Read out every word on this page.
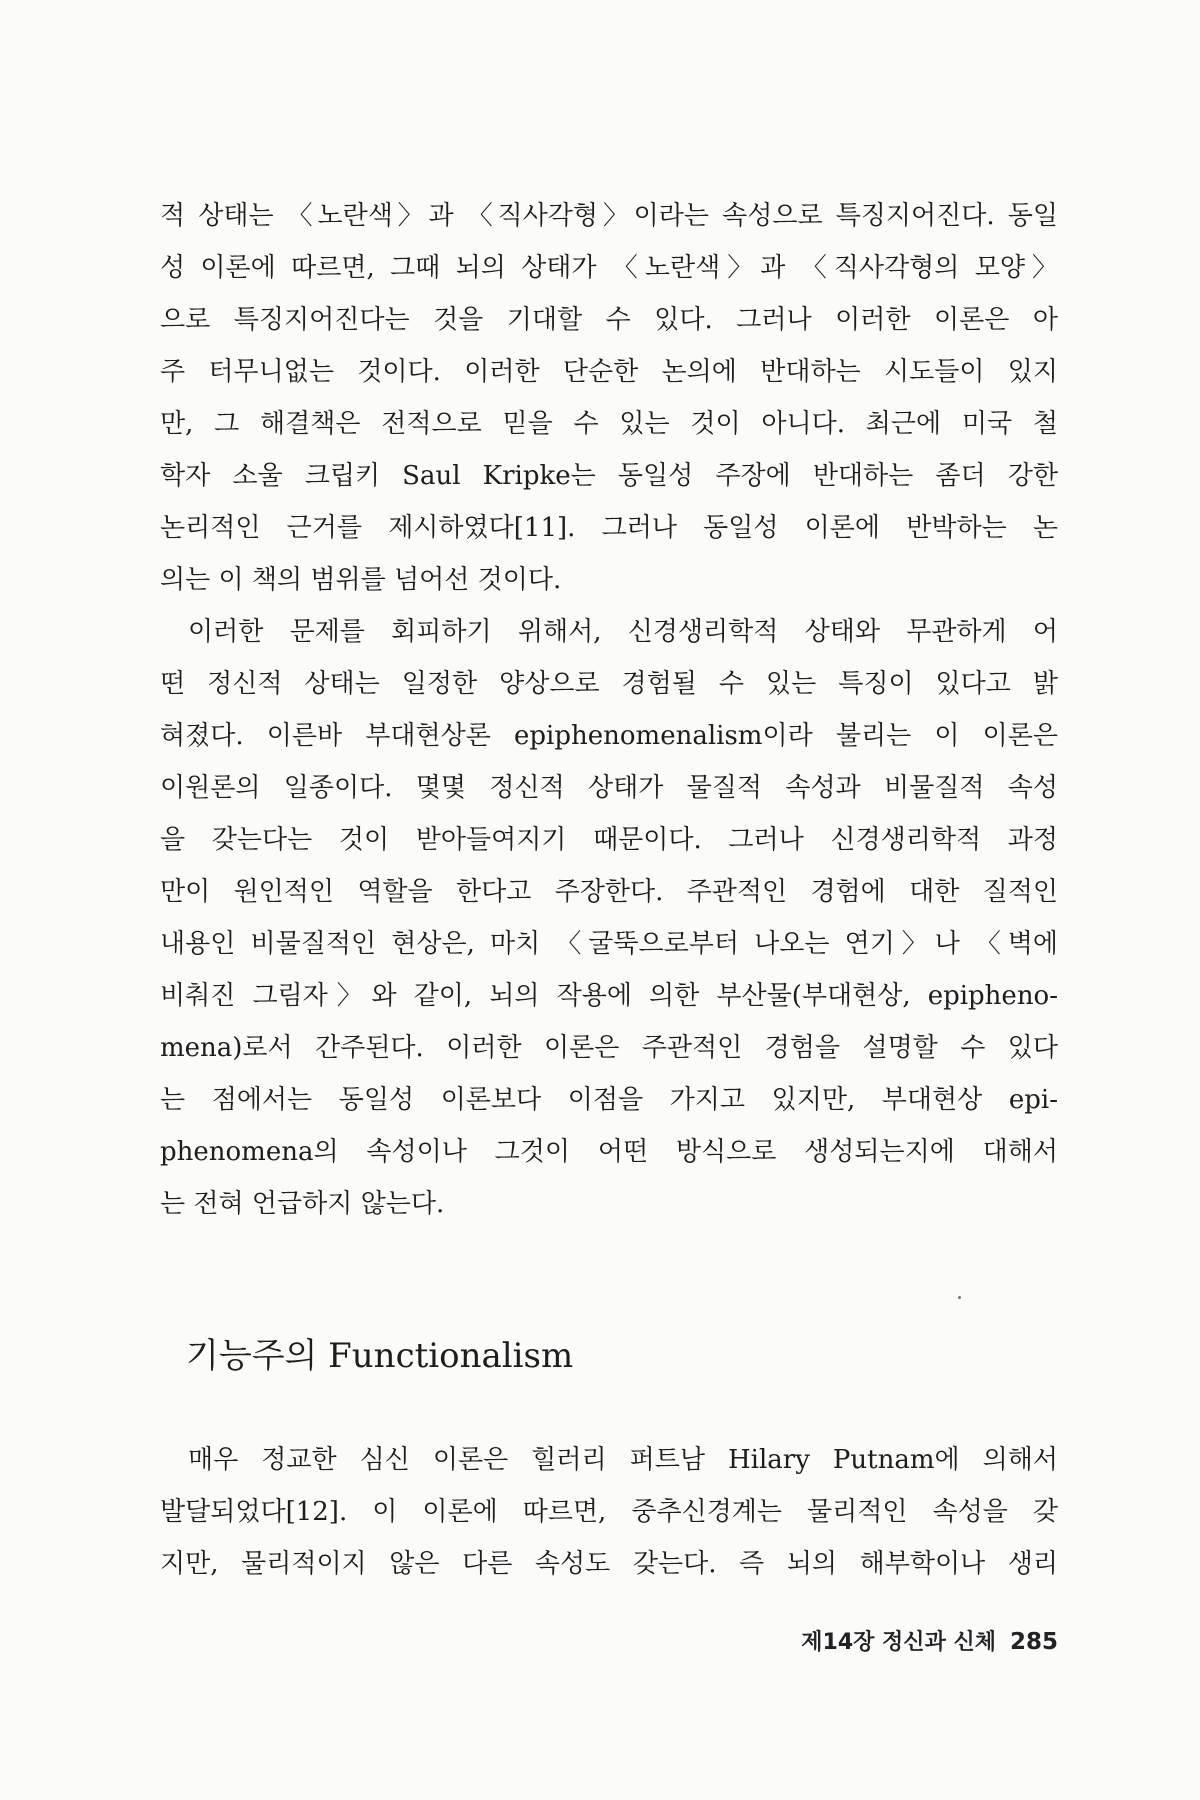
적 상태는 〈노란색〉과 〈직사각형〉이라는 속성으로 특징지어진다. 동일
성 이론에 따르면, 그때 뇌의 상태가 〈노란색〉과 〈직사각형의 모양〉
으로 특징지어진다는 것을 기대할 수 있다. 그러나 이러한 이론은 아
주 터무니없는 것이다. 이러한 단순한 논의에 반대하는 시도들이 있지
만, 그 해결책은 전적으로 믿을 수 있는 것이 아니다. 최근에 미국 철
학자 소울 크립키 Saul Kripke는 동일성 주장에 반대하는 좀더 강한
논리적인 근거를 제시하였다[11]. 그러나 동일성 이론에 반박하는 논
의는 이 책의 범위를 넘어선 것이다.
이러한 문제를 회피하기 위해서, 신경생리학적 상태와 무관하게 어
떤 정신적 상태는 일정한 양상으로 경험될 수 있는 특징이 있다고 밝
혀졌다. 이른바 부대현상론 epiphenomenalism이라 불리는 이 이론은
이원론의 일종이다. 몇몇 정신적 상태가 물질적 속성과 비물질적 속성
을 갖는다는 것이 받아들여지기 때문이다. 그러나 신경생리학적 과정
만이 원인적인 역할을 한다고 주장한다. 주관적인 경험에 대한 질적인
내용인 비물질적인 현상은, 마치 〈굴뚝으로부터 나오는 연기〉나 〈벽에
비춰진 그림자〉와 같이, 뇌의 작용에 의한 부산물(부대현상, epipheno-
mena)로서 간주된다. 이러한 이론은 주관적인 경험을 설명할 수 있다
는 점에서는 동일성 이론보다 이점을 가지고 있지만, 부대현상 epi-
phenomena의 속성이나 그것이 어떤 방식으로 생성되는지에 대해서
는 전혀 언급하지 않는다.
기능주의 Functionalism
매우 정교한 심신 이론은 힐러리 퍼트남 Hilary Putnam에 의해서
발달되었다[12]. 이 이론에 따르면, 중추신경계는 물리적인 속성을 갖
지만, 물리적이지 않은 다른 속성도 갖는다. 즉 뇌의 해부학이나 생리
제14장 정신과 신체 285
